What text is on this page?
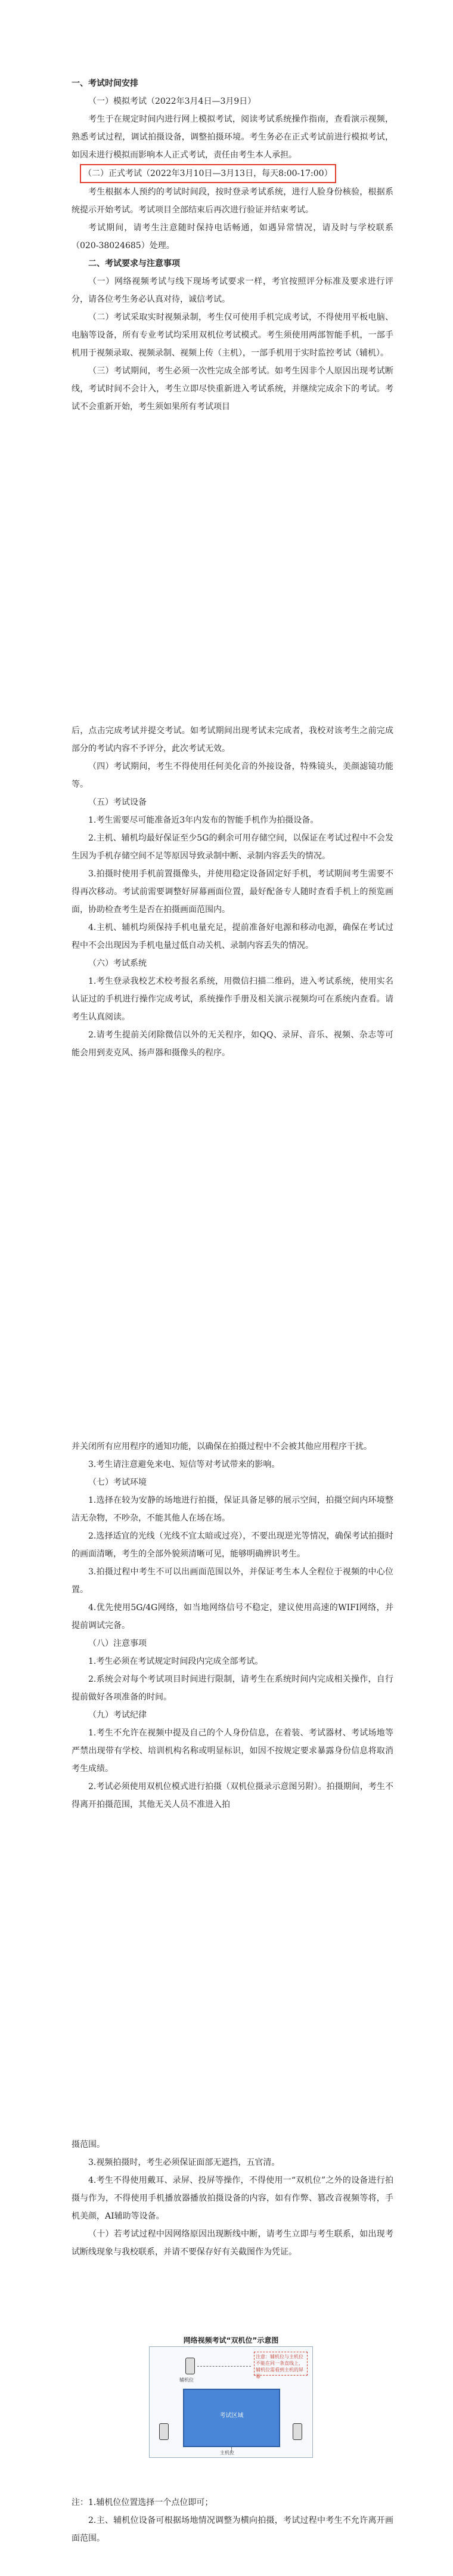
一、考试时间安排

（一）模拟考试（2022年3月4日—3月9日）

考生于在规定时间内进行网上模拟考试，阅读考试系统操作指南，查看演示视频，熟悉考试过程，调试拍摄设备，调整拍摄环境。考生务必在正式考试前进行模拟考试，如因未进行模拟而影响本人正式考试，责任由考生本人承担。

（二）正式考试（2022年3月10日—3月13日，每天8:00-17:00）

考生根据本人预约的考试时间段，按时登录考试系统，进行人脸身份核验，根据系统提示开始考试。考试项目全部结束后再次进行验证并结束考试。

考试期间，请考生注意随时保持电话畅通，如遇异常情况，请及时与学校联系（020-38024685）处理。

二、考试要求与注意事项

（一）网络视频考试与线下现场考试要求一样，考官按照评分标准及要求进行评分，请各位考生务必认真对待，诚信考试。

（二）考试采取实时视频录制，考生仅可使用手机完成考试，不得使用平板电脑、电脑等设备，所有专业考试均采用双机位考试模式。考生须使用两部智能手机，一部手机用于视频录取、视频录制、视频上传（主机），一部手机用于实时监控考试（辅机）。

（三）考试期间，考生必须一次性完成全部考试。如考生因非个人原因出现考试断线，考试时间不会计入，考生立即尽快重新进入考试系统，并继续完成余下的考试。考试不会重新开始，考生须如果所有考试项目

后，点击完成考试并提交考试。如考试期间出现考试未完成者，我校对该考生之前完成部分的考试内容不予评分，此次考试无效。

（四）考试期间，考生不得使用任何美化音的外接设备，特殊镜头，美颜滤镜功能等。

（五）考试设备

1.考生需要尽可能准备近3年内发布的智能手机作为拍摄设备。

2.主机、辅机均最好保证至少5G的剩余可用存储空间，以保证在考试过程中不会发生因为手机存储空间不足等原因导致录制中断、录制内容丢失的情况。

3.拍摄时使用手机前置摄像头，并使用稳定设备固定好手机，考试期间考生需要不得再次移动。考试前需要调整好屏幕画面位置，最好配备专人随时查看手机上的预览画面，协助检查考生是否在拍摄画面范围内。

4.主机、辅机均须保持手机电量充足，提前准备好电源和移动电源，确保在考试过程中不会出现因为手机电量过低自动关机、录制内容丢失的情况。

（六）考试系统

1.考生登录我校艺术校考报名系统，用微信扫描二维码，进入考试系统，使用实名认证过的手机进行操作完成考试，系统操作手册及相关演示视频均可在系统内查看。请考生认真阅读。

2.请考生提前关闭除微信以外的无关程序，如QQ、录屏、音乐、视频、杂志等可能会用到麦克风、扬声器和摄像头的程序。

并关闭所有应用程序的通知功能，以确保在拍摄过程中不会被其他应用程序干扰。

3.考生请注意避免来电、短信等对考试带来的影响。

（七）考试环境

1.选择在较为安静的场地进行拍摄，保证具备足够的展示空间，拍摄空间内环境整洁无杂物，不吵杂，不能其他人在场在场。

2.选择适宜的光线（光线不宜太暗或过亮），不要出现逆光等情况，确保考试拍摄时的画面清晰，考生的全部外貌须清晰可见，能够明确辨识考生。

3.拍摄过程中考生不可以出画面范围以外，并保证考生本人全程位于视频的中心位置。

4.优先使用5G/4G网络，如当地网络信号不稳定，建议使用高速的WIFI网络，并提前调试完备。

（八）注意事项

1.考生必须在考试规定时间段内完成全部考试。

2.系统会对每个考试项目时间进行限制，请考生在系统时间内完成相关操作，自行提前做好各项准备的时间。

（九）考试纪律

1.考生不允许在视频中提及自己的个人身份信息，在着装、考试器材、考试场地等严禁出现带有学校、培训机构名称或明显标识，如因不按规定要求暴露身份信息将取消考生成绩。

2.考试必须使用双机位模式进行拍摄（双机位摄录示意图另附）。拍摄期间，考生不得离开拍摄范围，其他无关人员不准进入拍

摄范围。

3.视频拍摄时，考生必须保证面部无遮挡，五官清。

4.考生不得使用戴耳、录屏、投屏等操作，不得使用一“双机位”之外的设备进行拍摄与作为，不得使用手机播放器播放拍摄设备的内容，如有作弊、篡改音视频等将，手机美颜，AI辅助等设备。

（十）若考试过程中因网络原因出现断线中断，请考生立即与考生联系，如出现考试断线现象与我校联系，并请不要保存好有关截图作为凭证。

网络视频考试“双机位”示意图
注意：辅机位与主机位不能在同一条直线上，辅机位需看到主机的屏幕
辅机位
考试区域
主机位

注：1.辅机位位置选择一个点位即可；

2.主、辅机位设备可根据场地情况调整为横向拍摄，考试过程中考生不允许离开画面范围。
